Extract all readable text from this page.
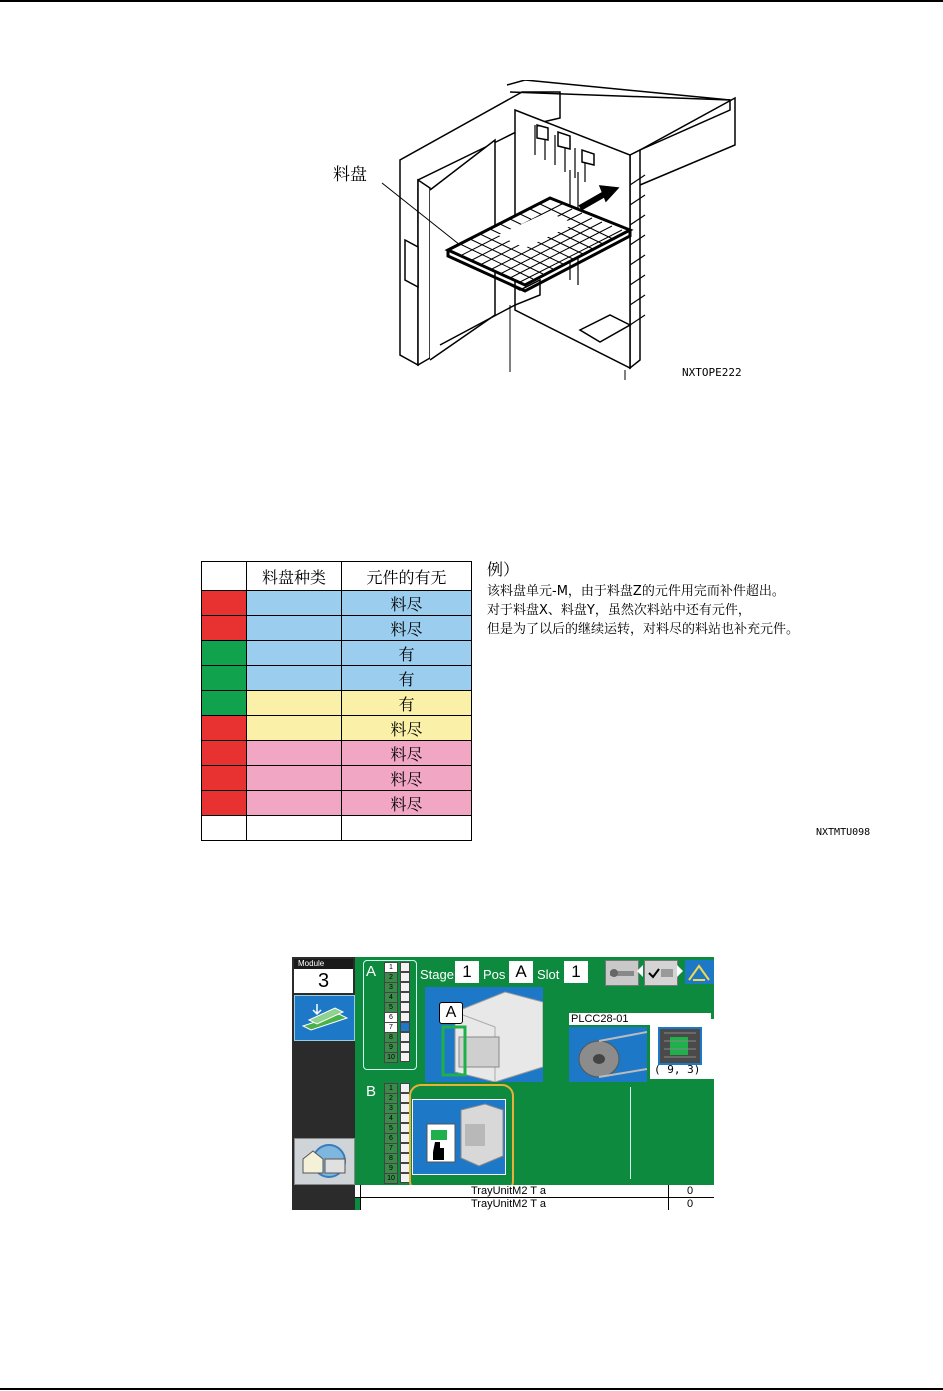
料盘
NXTOPE222
	料盘种类	元件的有无
		料尽
		料尽
		有
		有
		有
		料尽
		料尽
		料尽
		料尽

例）
该料盘单元-M，由于料盘Z的元件用完而补件超出。
对于料盘X、料盘Y，虽然次料站中还有元件，
但是为了以后的继续运转，对料尽的料站也补充元件。
NXTMTU098
Module
3	A	1
2
3
4
5
6
7
8
9
10
B	1
2
3
4
5
6
7
8
9
10
Stage 1 Pos A Slot 1
A	PLCC28-01
( 9, 3)
TrayUnitM2 T a	0
TrayUnitM2 T a	0
